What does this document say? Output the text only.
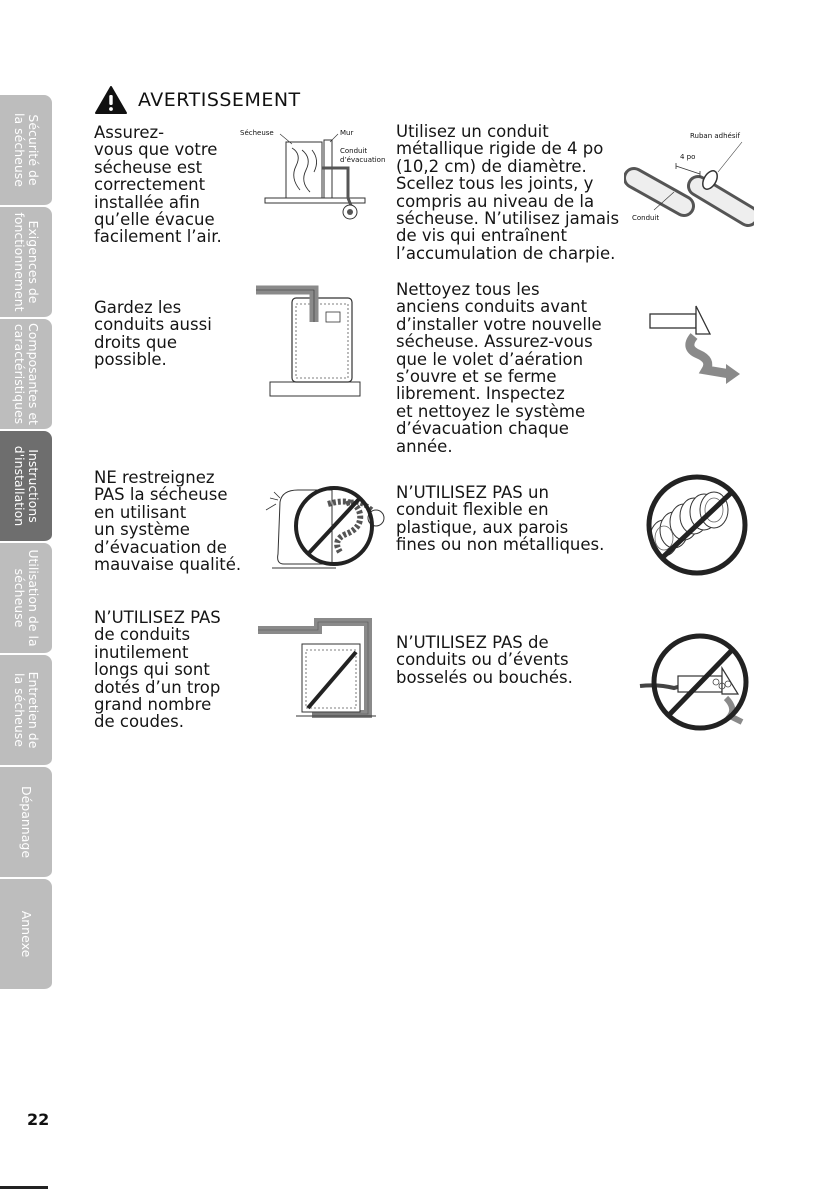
Sécurité de
la sécheuse
Exigences de
fonctionnement
Composantes et
caractéristiques
Instructions
d'installation
Utilisation de la
sécheuse
Entretien de
la sécheuse
Dépannage
Annexe
AVERTISSEMENT
Assurez-
vous que votre
sécheuse est
correctement
installée afin
qu’elle évacue
facilement l’air.
Sécheuse	Mur
Conduit
d’évacuation
Utilisez un conduit
métallique rigide de 4 po
(10,2 cm) de diamètre.
Scellez tous les joints, y
compris au niveau de la
sécheuse. N’utilisez jamais
de vis qui entraînent
l’accumulation de charpie.
Ruban adhésif
4 po
Conduit
Gardez les
conduits aussi
droits que
possible.
Nettoyez tous les
anciens conduits avant
d’installer votre nouvelle
sécheuse. Assurez-vous
que le volet d’aération
s’ouvre et se ferme
librement. Inspectez
et nettoyez le système
d’évacuation chaque
année.
NE restreignez
PAS la sécheuse
en utilisant
un système
d’évacuation de
mauvaise qualité.
N’UTILISEZ PAS un
conduit flexible en
plastique, aux parois
fines ou non métalliques.
N’UTILISEZ PAS
de conduits
inutilement
longs qui sont
dotés d’un trop
grand nombre
de coudes.
N’UTILISEZ PAS de
conduits ou d’évents
bosselés ou bouchés.
22
